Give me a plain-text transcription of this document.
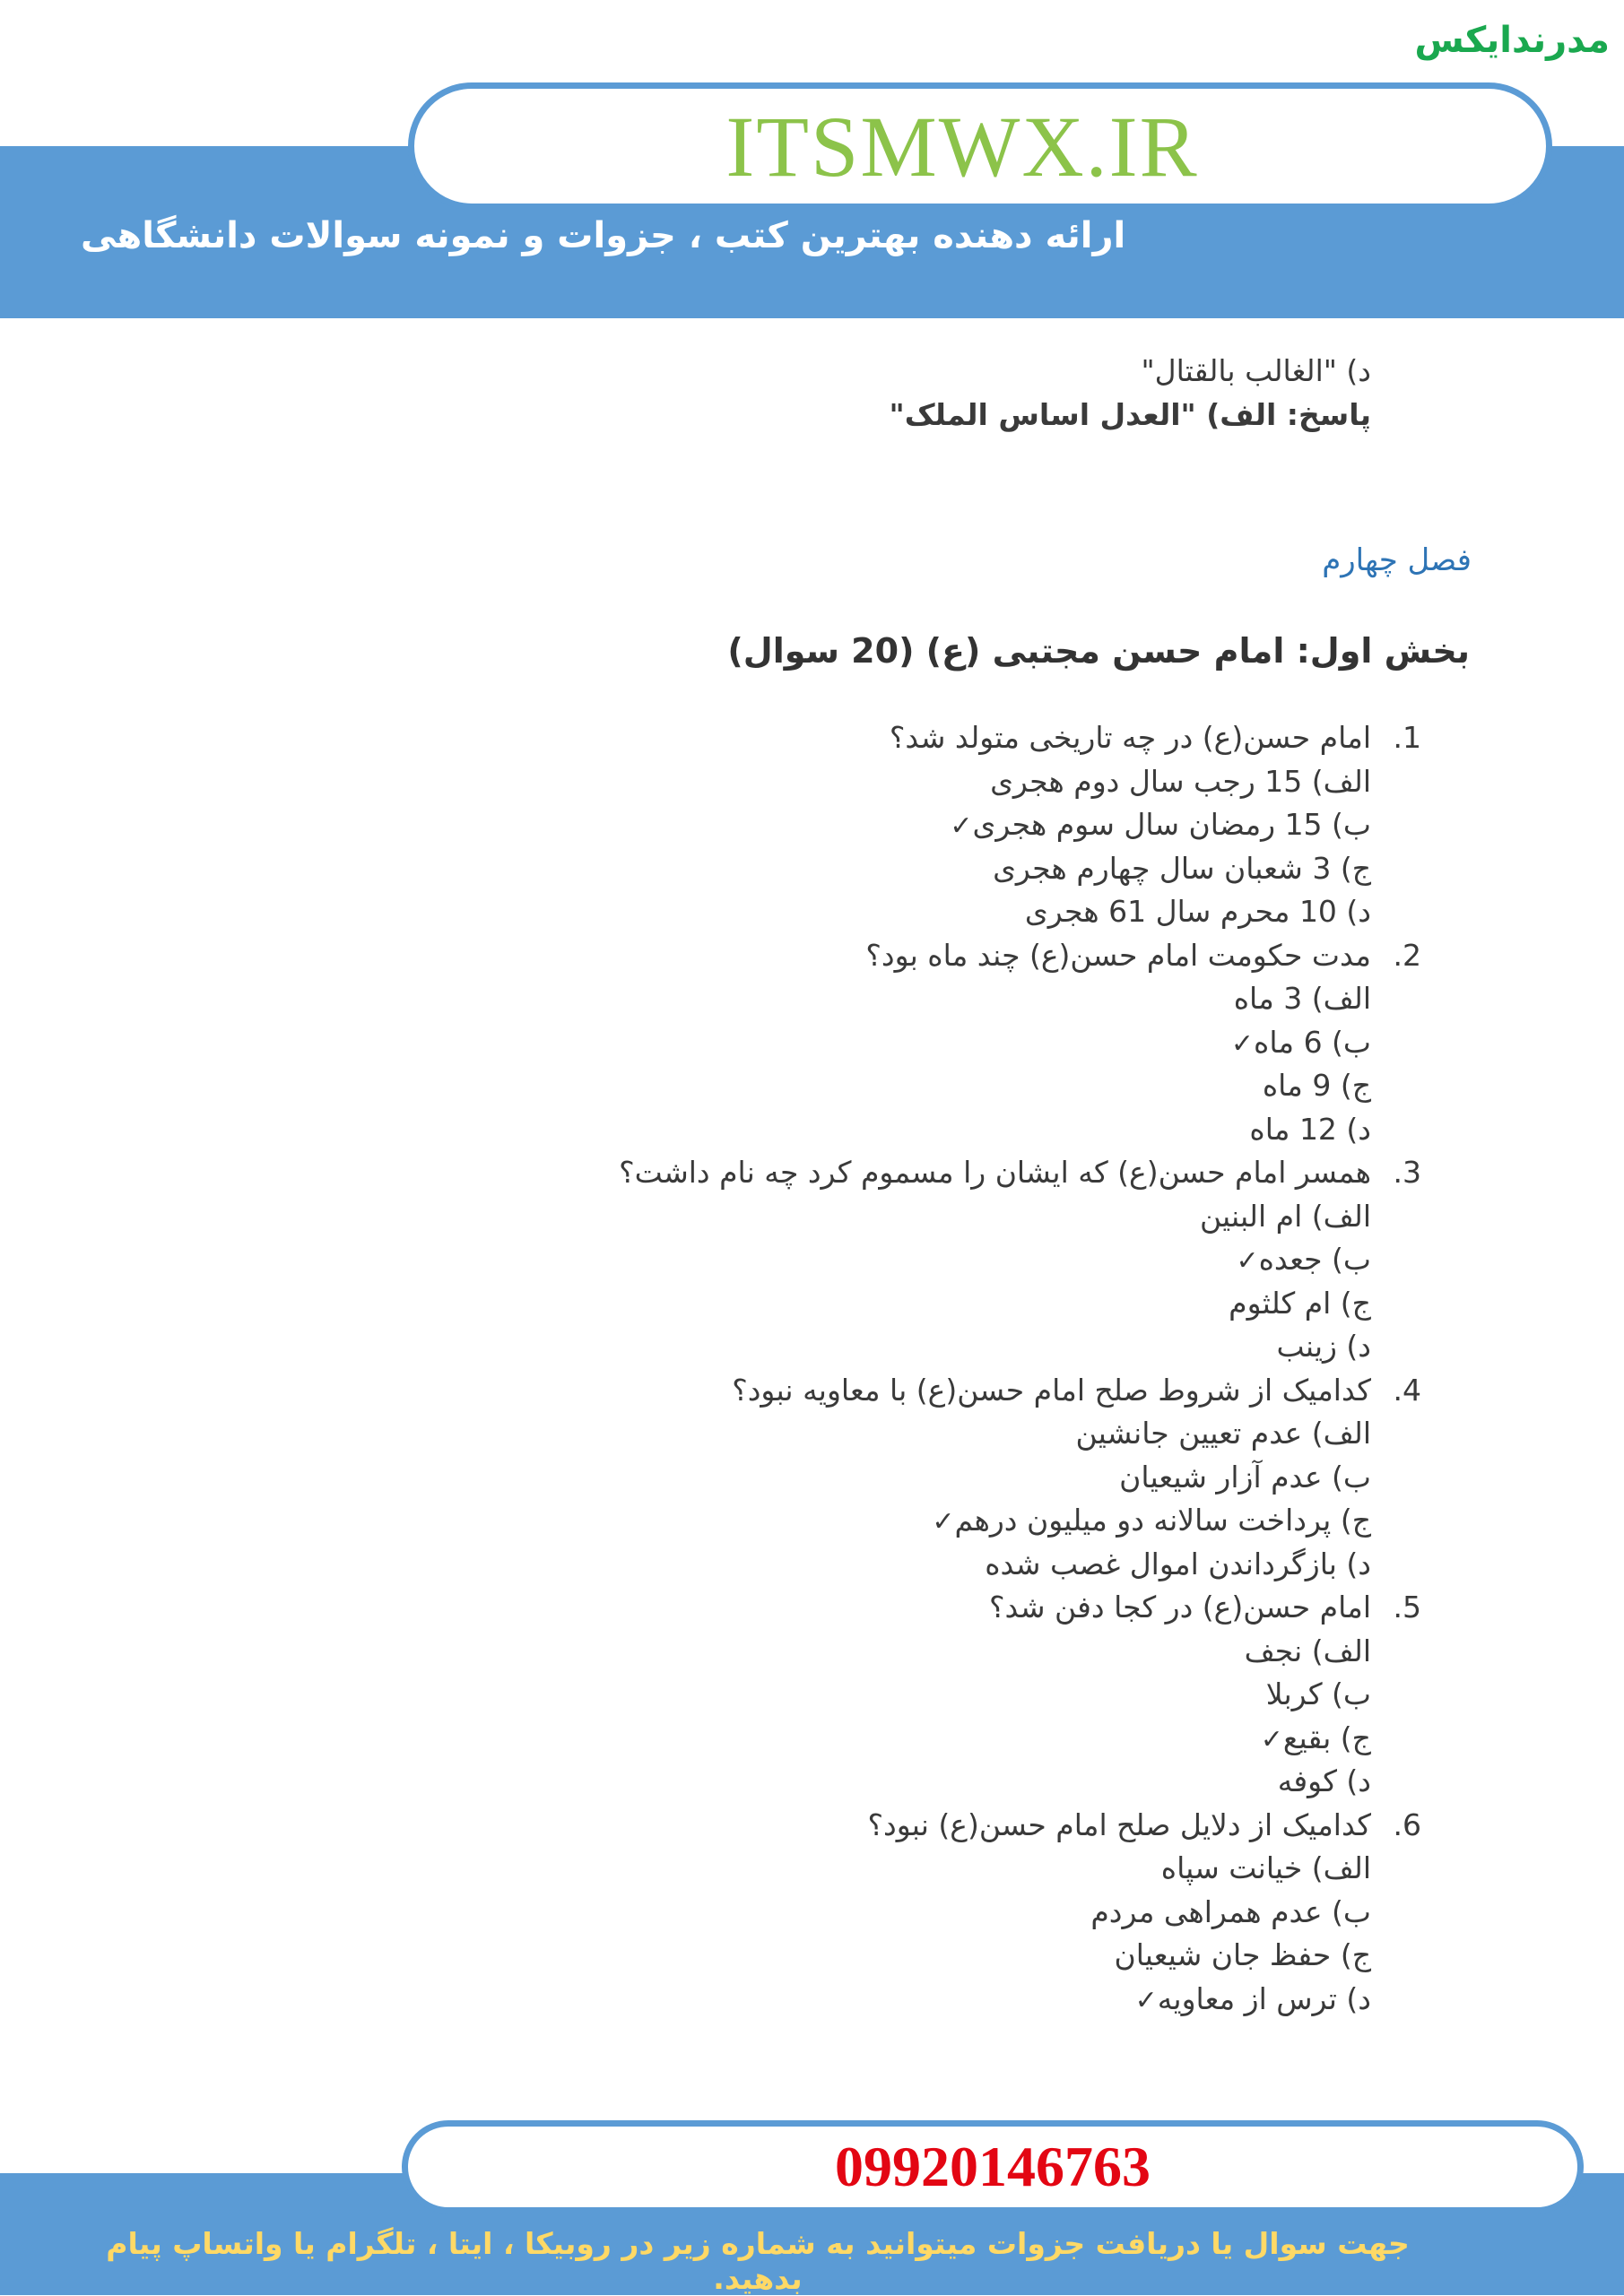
مدرندایکس
ITSMWX.IR
ارائه دهنده بهترین کتب ، جزوات و نمونه سوالات دانشگاهی
د) "الغالب بالقتال"
پاسخ: الف) "العدل اساس الملک"
فصل چهارم
بخش اول: امام حسن مجتبی (ع) (20 سوال)
1.
امام حسن(ع) در چه تاریخی متولد شد؟
الف) 15 رجب سال دوم هجری
ب) 15 رمضان سال سوم هجری✓
ج) 3 شعبان سال چهارم هجری
د) 10 محرم سال 61 هجری
2.
مدت حکومت امام حسن(ع) چند ماه بود؟
الف) 3 ماه
ب) 6 ماه✓
ج) 9 ماه
د) 12 ماه
3.
همسر امام حسن(ع) که ایشان را مسموم کرد چه نام داشت؟
الف) ام البنین
ب) جعده✓
ج) ام کلثوم
د) زینب
4.
کدامیک از شروط صلح امام حسن(ع) با معاویه نبود؟
الف) عدم تعیین جانشین
ب) عدم آزار شیعیان
ج) پرداخت سالانه دو میلیون درهم✓
د) بازگرداندن اموال غصب شده
5.
امام حسن(ع) در کجا دفن شد؟
الف) نجف
ب) کربلا
ج) بقیع✓
د) کوفه
6.
کدامیک از دلایل صلح امام حسن(ع) نبود؟
الف) خیانت سپاه
ب) عدم همراهی مردم
ج) حفظ جان شیعیان
د) ترس از معاویه✓
09920146763
جهت سوال یا دریافت جزوات میتوانید به شماره زیر در روبیکا ، ایتا ، تلگرام یا واتساپ پیام بدهید.
